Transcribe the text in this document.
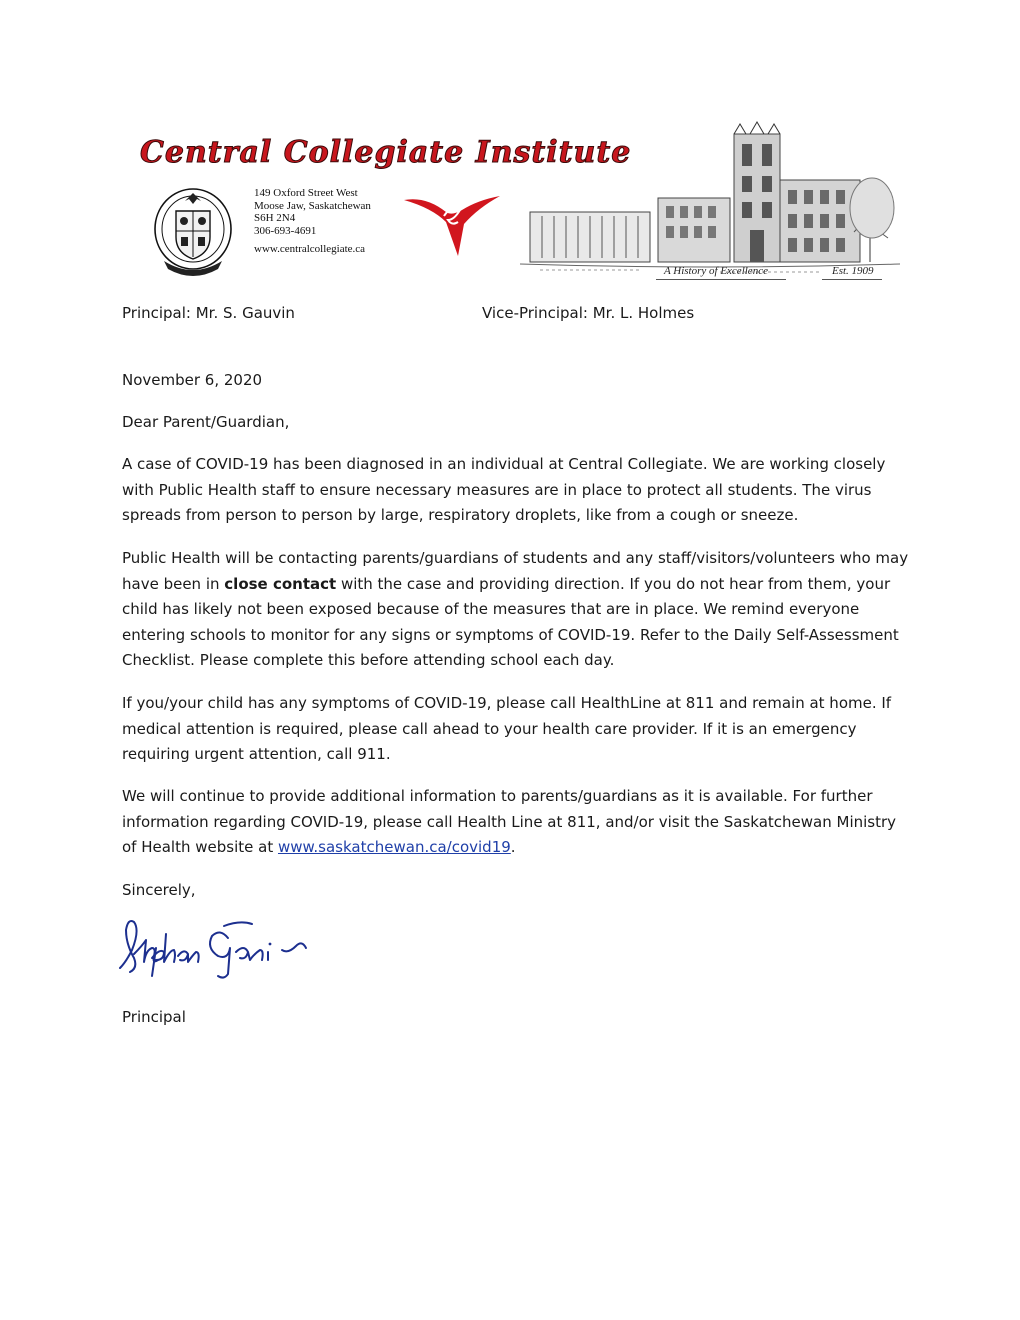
Central Collegiate Institute
149 Oxford Street West
Moose Jaw, Saskatchewan
S6H 2N4
306-693-4691
www.centralcollegiate.ca
A History of Excellence	Est. 1909
Principal: Mr. S. Gauvin	Vice-Principal: Mr. L. Holmes
November 6, 2020
Dear Parent/Guardian,

A case of COVID-19 has been diagnosed in an individual at Central Collegiate. We are working closely with Public Health staff to ensure necessary measures are in place to protect all students. The virus spreads from person to person by large, respiratory droplets, like from a cough or sneeze.

Public Health will be contacting parents/guardians of students and any staff/visitors/volunteers who may have been in close contact with the case and providing direction. If you do not hear from them, your child has likely not been exposed because of the measures that are in place. We remind everyone entering schools to monitor for any signs or symptoms of COVID-19. Refer to the Daily Self-Assessment Checklist. Please complete this before attending school each day.

If you/your child has any symptoms of COVID-19, please call HealthLine at 811 and remain at home. If medical attention is required, please call ahead to your health care provider. If it is an emergency requiring urgent attention, call 911.

We will continue to provide additional information to parents/guardians as it is available. For further information regarding COVID-19, please call Health Line at 811, and/or visit the Saskatchewan Ministry of Health website at www.saskatchewan.ca/covid19.

Sincerely,
Principal
